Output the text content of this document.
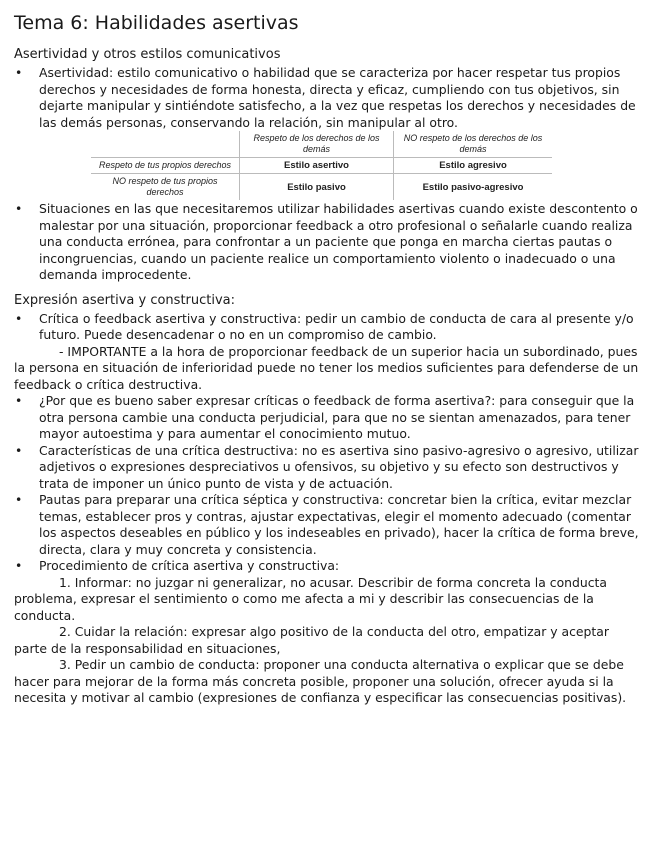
Tema 6: Habilidades asertivas

Asertividad y otros estilos comunicativos

• Asertividad: estilo comunicativo o habilidad que se caracteriza por hacer respetar tus propios derechos y necesidades de forma honesta, directa y eficaz, cumpliendo con tus objetivos, sin dejarte manipular y sintiéndote satisfecho, a la vez que respetas los derechos y necesidades de las demás personas, conservando la relación, sin manipular al otro.
	Respeto de los derechos de los demás	NO respeto de los derechos de los demás
Respeto de tus propios derechos	Estilo asertivo	Estilo agresivo
NO respeto de tus propios derechos	Estilo pasivo	Estilo pasivo-agresivo
• Situaciones en las que necesitaremos utilizar habilidades asertivas cuando existe descontento o malestar por una situación, proporcionar feedback a otro profesional o señalarle cuando realiza una conducta errónea, para confrontar a un paciente que ponga en marcha ciertas pautas o incongruencias, cuando un paciente realice un comportamiento violento o inadecuado o una demanda improcedente.

Expresión asertiva y constructiva:

• Crítica o feedback asertiva y constructiva: pedir un cambio de conducta de cara al presente y/o futuro. Puede desencadenar o no en un compromiso de cambio.

- IMPORTANTE a la hora de proporcionar feedback de un superior hacia un subordinado, pues la persona en situación de inferioridad puede no tener los medios suficientes para defenderse de un feedback o crítica destructiva.

• ¿Por que es bueno saber expresar críticas o feedback de forma asertiva?: para conseguir que la otra persona cambie una conducta perjudicial, para que no se sientan amenazados, para tener mayor autoestima y para aumentar el conocimiento mutuo.
• Características de una crítica destructiva: no es asertiva sino pasivo-agresivo o agresivo, utilizar adjetivos o expresiones despreciativos u ofensivos, su objetivo y su efecto son destructivos y trata de imponer un único punto de vista y de actuación.
• Pautas para preparar una crítica séptica y constructiva: concretar bien la crítica, evitar mezclar temas, establecer pros y contras, ajustar expectativas, elegir el momento adecuado (comentar los aspectos deseables en público y los indeseables en privado), hacer la crítica de forma breve, directa, clara y muy concreta y consistencia.
• Procedimiento de crítica asertiva y constructiva:

1. Informar: no juzgar ni generalizar, no acusar. Describir de forma concreta la conducta problema, expresar el sentimiento o como me afecta a mi y describir las consecuencias de la conducta.

2. Cuidar la relación: expresar algo positivo de la conducta del otro, empatizar y aceptar parte de la responsabilidad en situaciones,

3. Pedir un cambio de conducta: proponer una conducta alternativa o explicar que se debe hacer para mejorar de la forma más concreta posible, proponer una solución, ofrecer ayuda si la necesita y motivar al cambio (expresiones de confianza y especificar las consecuencias positivas).
